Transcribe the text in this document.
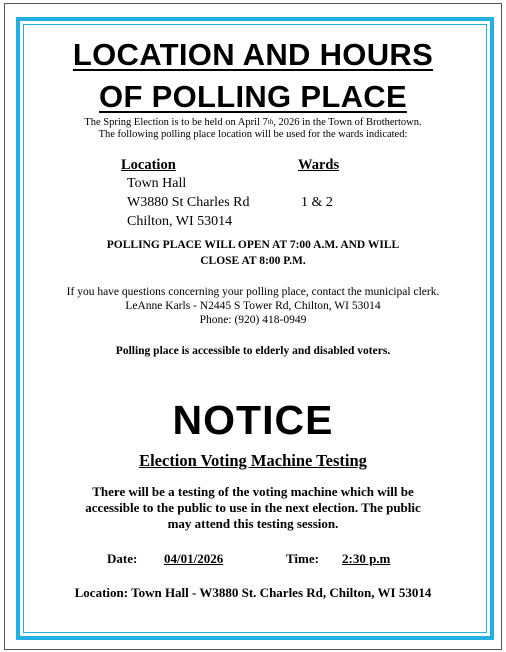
LOCATION AND HOURS
OF POLLING PLACE
The Spring Election is to be held on April 7th, 2026 in the Town of Brothertown.
The following polling place location will be used for the wards indicated:
Location	Wards
Town Hall
W3880 St Charles Rd
Chilton, WI 53014
1 & 2
POLLING PLACE WILL OPEN AT 7:00 A.M. AND WILL
CLOSE AT 8:00 P.M.
If you have questions concerning your polling place, contact the municipal clerk.
LeAnne Karls - N2445 S Tower Rd, Chilton, WI 53014
Phone: (920) 418-0949
Polling place is accessible to elderly and disabled voters.
NOTICE
Election Voting Machine Testing
There will be a testing of the voting machine which will be
accessible to the public to use in the next election. The public
may attend this testing session.
Date: 04/01/2026	Time: 2:30 p.m
Location: Town Hall - W3880 St. Charles Rd, Chilton, WI 53014
